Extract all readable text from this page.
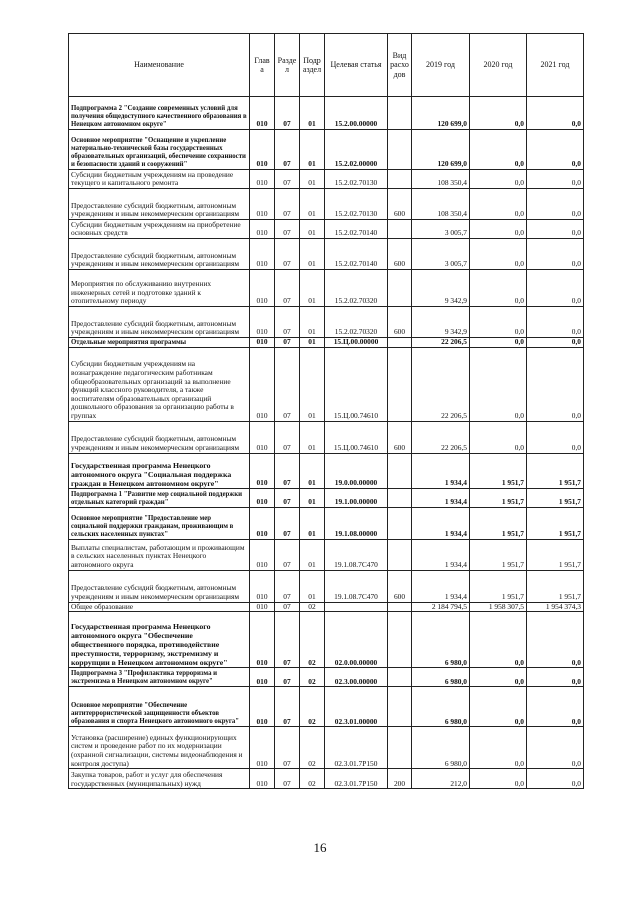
Наименование	Глав а	Разде л	Подр аздел	Целевая статья	Вид расхо дов	2019 год	2020 год	2021 год
Подпрограмма 2 "Создание современных условий для получения общедоступного качественного образования в Ненецком автономном округе"	010	07	01	15.2.00.00000		120 699,0	0,0	0,0
Основное мероприятие "Оснащение и укрепление материально-технической базы государственных образовательных организаций, обеспечение сохранности и безопасности зданий и сооружений"	010	07	01	15.2.02.00000		120 699,0	0,0	0,0
Субсидии бюджетным учреждениям на проведение текущего и капитального ремонта	010	07	01	15.2.02.70130		108 350,4	0,0	0,0
Предоставление субсидий бюджетным, автономным учреждениям и иным некоммерческим организациям	010	07	01	15.2.02.70130	600	108 350,4	0,0	0,0
Субсидии бюджетным учреждениям на приобретение основных средств	010	07	01	15.2.02.70140		3 005,7	0,0	0,0
Предоставление субсидий бюджетным, автономным учреждениям и иным некоммерческим организациям	010	07	01	15.2.02.70140	600	3 005,7	0,0	0,0
Мероприятия по обслуживанию внутренних инженерных сетей и подготовке зданий к отопительному периоду	010	07	01	15.2.02.70320		9 342,9	0,0	0,0
Предоставление субсидий бюджетным, автономным учреждениям и иным некоммерческим организациям	010	07	01	15.2.02.70320	600	9 342,9	0,0	0,0
Отдельные мероприятия программы	010	07	01	15.Ц.00.00000		22 206,5	0,0	0,0
Субсидии бюджетным учреждениям на вознаграждение педагогическим работникам общеобразовательных организаций за выполнение функций классного руководителя, а также воспитателям образовательных организаций дошкольного образования за организацию работы в группах	010	07	01	15.Ц.00.74610		22 206,5	0,0	0,0
Предоставление субсидий бюджетным, автономным учреждениям и иным некоммерческим организациям	010	07	01	15.Ц.00.74610	600	22 206,5	0,0	0,0
Государственная программа Ненецкого автономного округа "Социальная поддержка граждан в Ненецком автономном округе"	010	07	01	19.0.00.00000		1 934,4	1 951,7	1 951,7
Подпрограмма 1 "Развитие мер социальной поддержки отдельных категорий граждан"	010	07	01	19.1.00.00000		1 934,4	1 951,7	1 951,7
Основное мероприятие "Предоставление мер социальной поддержки гражданам, проживающим в сельских населенных пунктах"	010	07	01	19.1.08.00000		1 934,4	1 951,7	1 951,7
Выплаты специалистам, работающим и проживающим в сельских населенных пунктах Ненецкого автономного округа	010	07	01	19.1.08.7С470		1 934,4	1 951,7	1 951,7
Предоставление субсидий бюджетным, автономным учреждениям и иным некоммерческим организациям	010	07	01	19.1.08.7С470	600	1 934,4	1 951,7	1 951,7
Общее образование	010	07	02			2 184 794,5	1 958 307,5	1 954 374,3
Государственная программа Ненецкого автономного округа "Обеспечение общественного порядка, противодействие преступности, терроризму, экстремизму и коррупции в Ненецком автономном округе"	010	07	02	02.0.00.00000		6 980,0	0,0	0,0
Подпрограмма 3 "Профилактика терроризма и экстремизма в Ненецком автономном округе"	010	07	02	02.3.00.00000		6 980,0	0,0	0,0
Основное мероприятие "Обеспечение антитеррористической защищенности объектов образования и спорта Ненецкого автономного округа"	010	07	02	02.3.01.00000		6 980,0	0,0	0,0
Установка (расширение) единых функционирующих систем и проведение работ по их модернизации (охранной сигнализации, системы видеонаблюдения и контроля доступа)	010	07	02	02.3.01.7Р150		6 980,0	0,0	0,0
Закупка товаров, работ и услуг для обеспечения государственных (муниципальных) нужд	010	07	02	02.3.01.7Р150	200	212,0	0,0	0,0
16
